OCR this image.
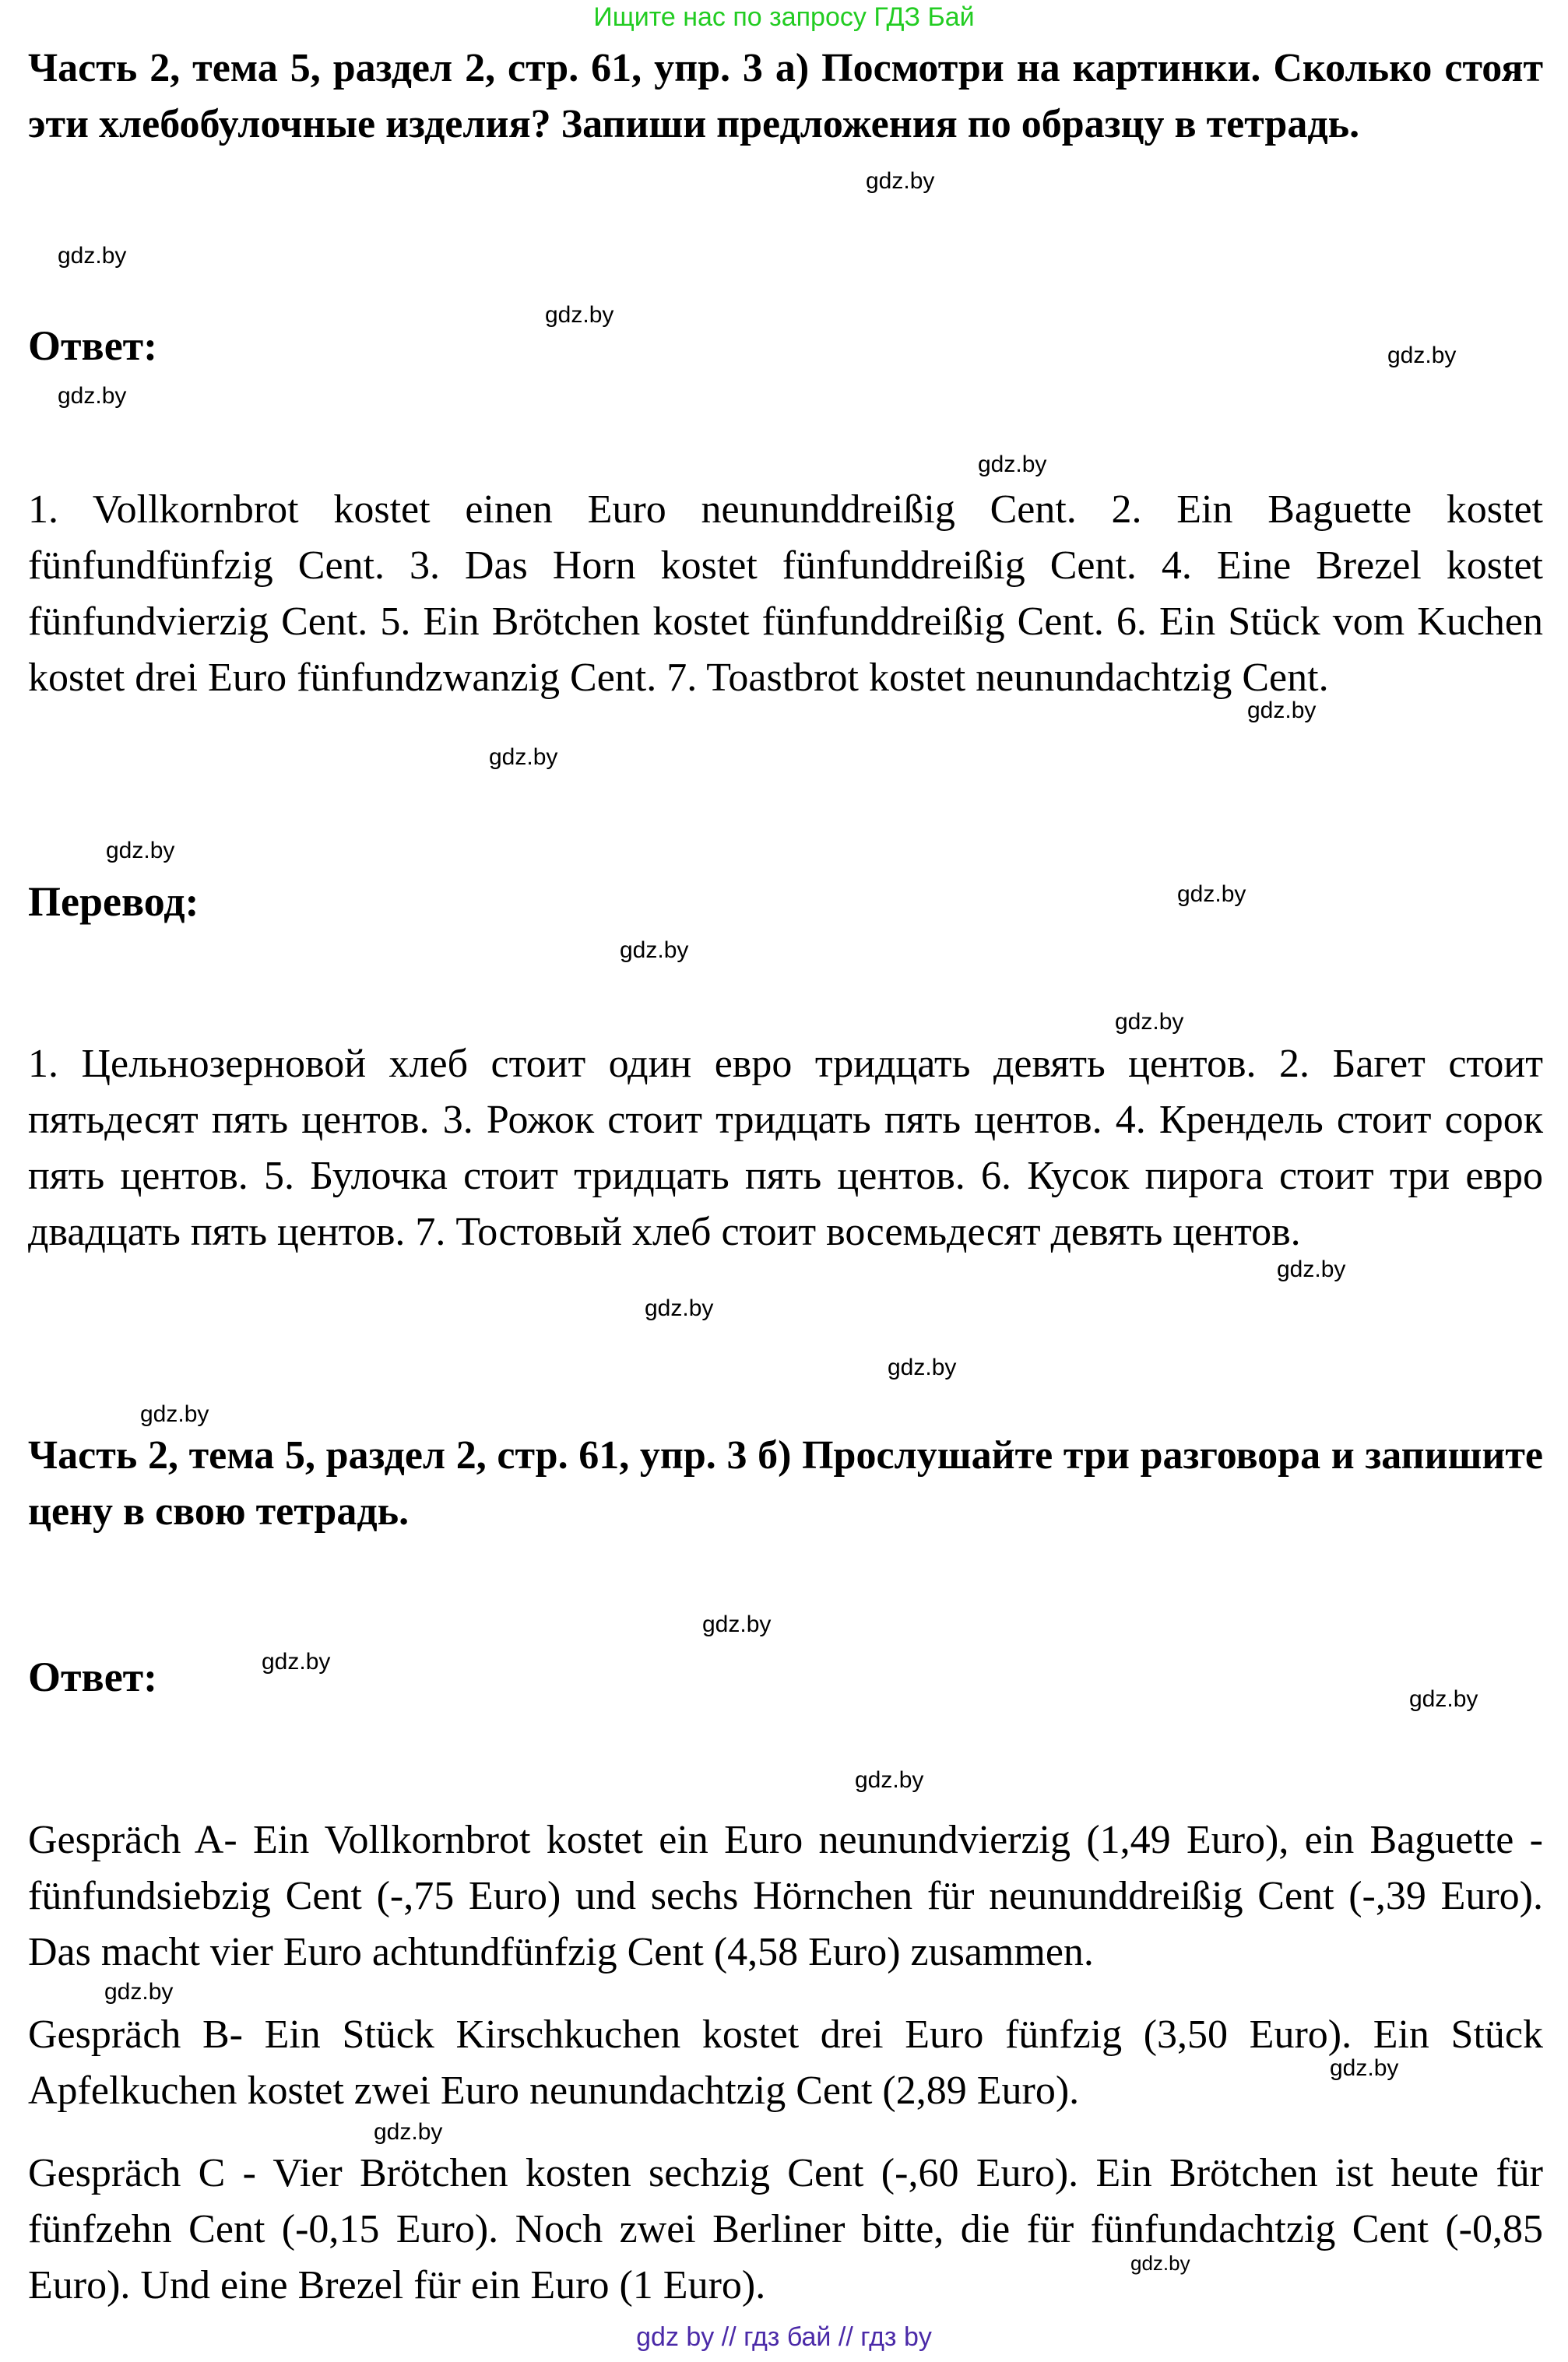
Ищите нас по запросу ГДЗ Бай
Часть 2, тема 5, раздел 2, стр. 61, упр. 3 а) Посмотри на картинки. Сколько стоят эти хлебобулочные изделия? Запиши предложения по образцу в тетрадь.
Ответ:
1. Vollkornbrot kostet einen Euro neununddreißig Cent. 2. Ein Baguette kostet fünfundfünfzig Cent. 3. Das Horn kostet fünfunddreißig Cent. 4. Eine Brezel kostet fünfundvierzig Cent. 5. Ein Brötchen kostet fünfunddreißig Cent. 6. Ein Stück vom Kuchen kostet drei Euro fünfundzwanzig Cent. 7. Toastbrot kostet neunundachtzig Cent.
Перевод:
1. Цельнозерновой хлеб стоит один евро тридцать девять центов. 2. Багет стоит пятьдесят пять центов. 3. Рожок стоит тридцать пять центов. 4. Крендель стоит сорок пять центов. 5. Булочка стоит тридцать пять центов. 6. Кусок пирога стоит три евро двадцать пять центов. 7. Тостовый хлеб стоит восемьдесят девять центов.
Часть 2, тема 5, раздел 2, стр. 61, упр. 3 б) Прослушайте три разговора и запишите цену в свою тетрадь.
Ответ:
Gespräch A- Ein Vollkornbrot kostet ein Euro neunundvierzig (1,49 Euro), ein Baguette -fünfundsiebzig Cent (-,75 Euro) und sechs Hörnchen für neununddreißig Cent (-,39 Euro). Das macht vier Euro achtundfünfzig Cent (4,58 Euro) zusammen.
Gespräch B- Ein Stück Kirschkuchen kostet drei Euro fünfzig (3,50 Euro). Ein Stück Apfelkuchen kostet zwei Euro neunundachtzig Cent (2,89 Euro).
Gespräch C - Vier Brötchen kosten sechzig Cent (-,60 Euro). Ein Brötchen ist heute für fünfzehn Cent (-0,15 Euro). Noch zwei Berliner bitte, die für fünfundachtzig Cent (-0,85 Euro). Und eine Brezel für ein Euro (1 Euro).
gdz.by
gdz.by
gdz.by
gdz.by
gdz.by
gdz.by
gdz.by
gdz.by
gdz.by
gdz.by
gdz.by
gdz.by
gdz.by
gdz.by
gdz.by
gdz.by
gdz.by
gdz.by
gdz.by
gdz.by
gdz.by
gdz.by
gdz.by
gdz.by
gdz by // гдз бай // гдз by
